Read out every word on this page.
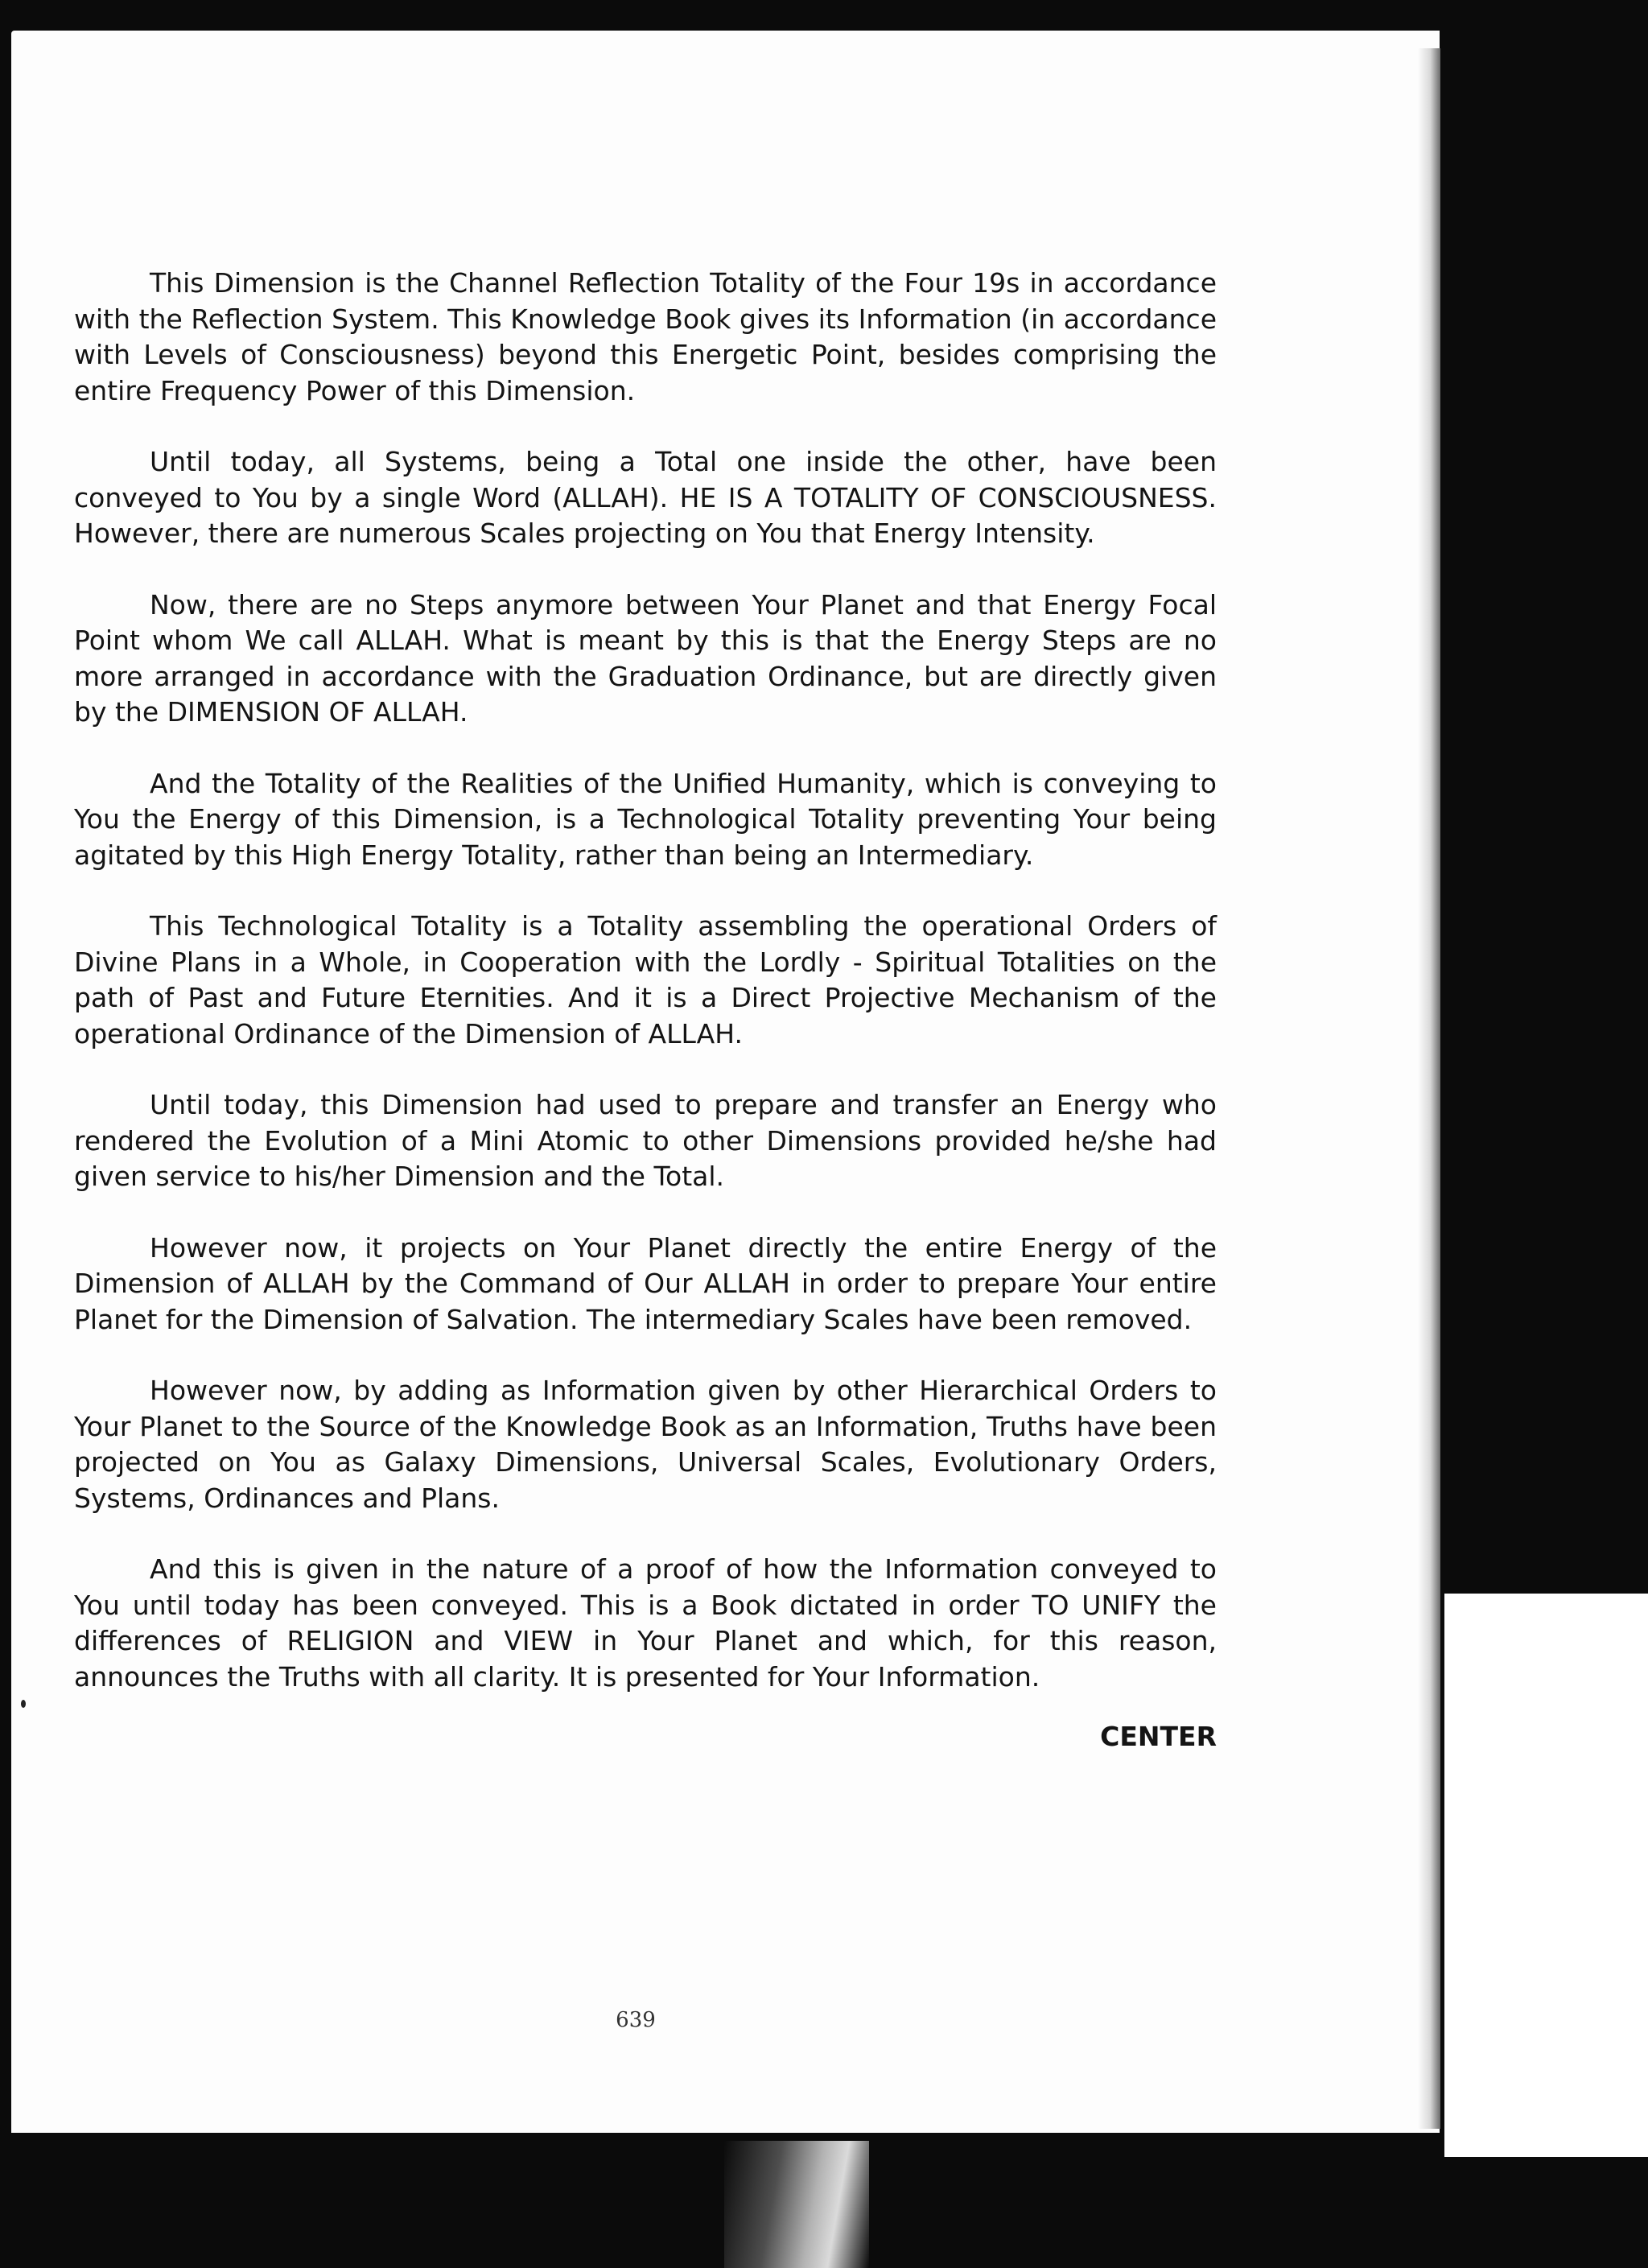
This Dimension is the Channel Reflection Totality of the Four 19s in accordance with the Reflection System. This Knowledge Book gives its Information (in accordance with Levels of Consciousness) beyond this Energetic Point, besides comprising the entire Frequency Power of this Dimension.

Until today, all Systems, being a Total one inside the other, have been conveyed to You by a single Word (ALLAH). HE IS A TOTALITY OF CONSCIOUSNESS. However, there are numerous Scales projecting on You that Energy Intensity.

Now, there are no Steps anymore between Your Planet and that Energy Focal Point whom We call ALLAH. What is meant by this is that the Energy Steps are no more arranged in accordance with the Graduation Ordinance, but are directly given by the DIMENSION OF ALLAH.

And the Totality of the Realities of the Unified Humanity, which is conveying to You the Energy of this Dimension, is a Technological Totality preventing Your being agitated by this High Energy Totality, rather than being an Intermediary.

This Technological Totality is a Totality assembling the operational Orders of Divine Plans in a Whole, in Cooperation with the Lordly - Spiritual Totalities on the path of Past and Future Eternities. And it is a Direct Projective Mechanism of the operational Ordinance of the Dimension of ALLAH.

Until today, this Dimension had used to prepare and transfer an Energy who rendered the Evolution of a Mini Atomic to other Dimensions provided he/she had given service to his/her Dimension and the Total.

However now, it projects on Your Planet directly the entire Energy of the Dimension of ALLAH by the Command of Our ALLAH in order to prepare Your entire Planet for the Dimension of Salvation. The intermediary Scales have been removed.

However now, by adding as Information given by other Hierarchical Orders to Your Planet to the Source of the Knowledge Book as an Information, Truths have been projected on You as Galaxy Dimensions, Universal Scales, Evolutionary Orders, Systems, Ordinances and Plans.

And this is given in the nature of a proof of how the Information conveyed to You until today has been conveyed. This is a Book dictated in order TO UNIFY the differences of RELIGION and VIEW in Your Planet and which, for this reason, announces the Truths with all clarity. It is presented for Your Information.

CENTER
639
